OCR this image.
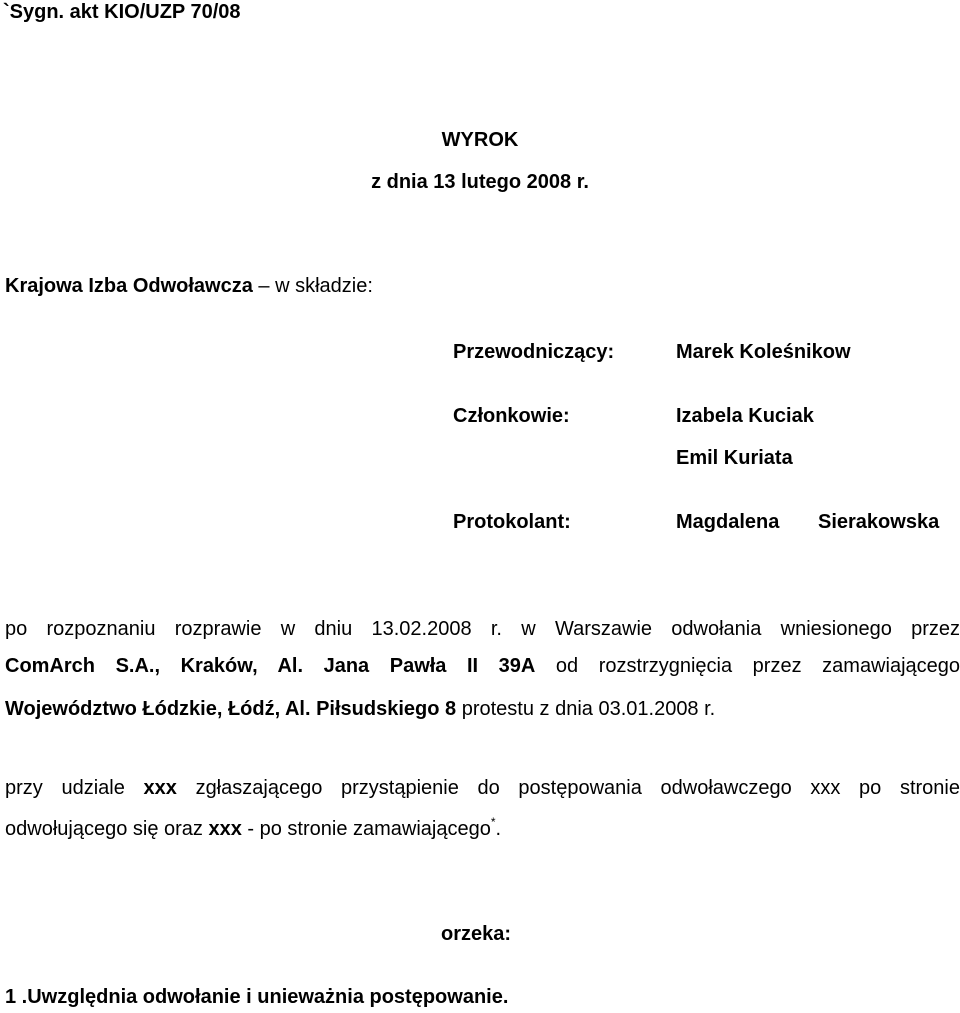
`Sygn. akt KIO/UZP 70/08
WYROK
z dnia 13 lutego 2008 r.
Krajowa Izba Odwoławcza – w składzie:
Przewodniczący:	Marek Koleśnikow
Członkowie:	Izabela Kuciak
Emil Kuriata
Protokolant:	Magdalena Sierakowska
po rozpoznaniu rozprawie w dniu 13.02.2008 r. w Warszawie odwołania wniesionego przez
ComArch S.A., Kraków, Al. Jana Pawła II 39A od rozstrzygnięcia przez zamawiającego
Województwo Łódzkie, Łódź, Al. Piłsudskiego 8 protestu z dnia 03.01.2008 r.
przy udziale xxx zgłaszającego przystąpienie do postępowania odwoławczego xxx po stronie
odwołującego się oraz xxx - po stronie zamawiającego*.
orzeka:
1 .Uwzględnia odwołanie i unieważnia postępowanie.
